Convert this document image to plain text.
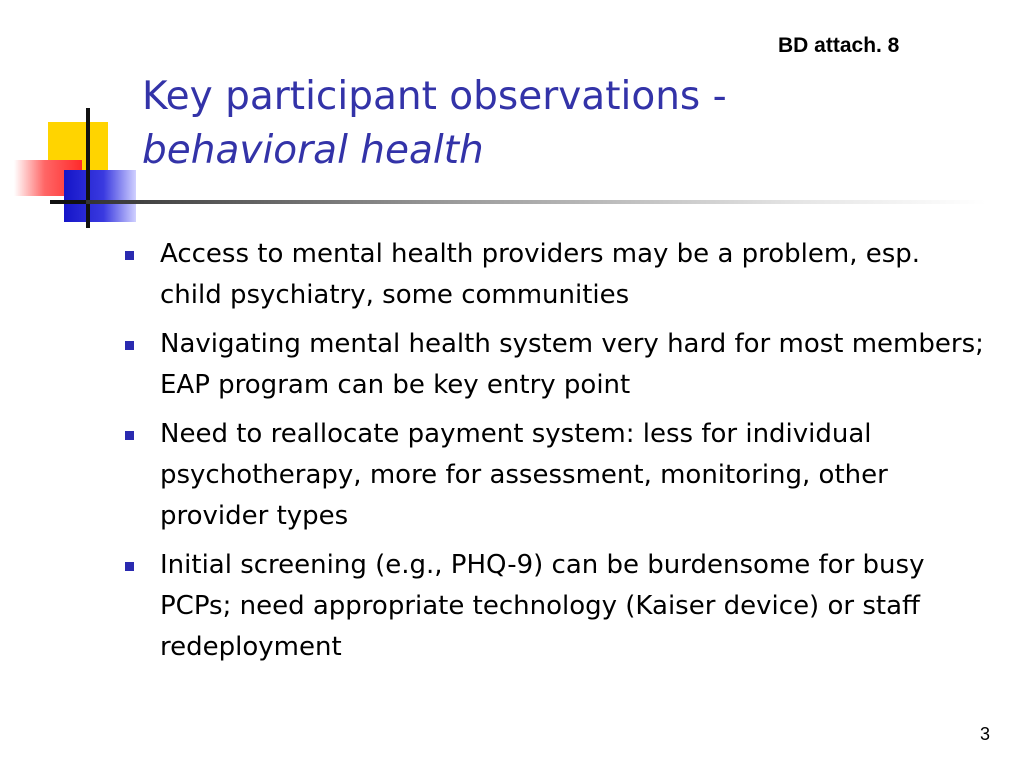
BD attach. 8
Key participant observations -
behavioral health
Access to mental health providers may be a problem, esp. child psychiatry, some communities
Navigating mental health system very hard for most members; EAP program can be key entry point
Need to reallocate payment system: less for individual psychotherapy, more for assessment, monitoring, other provider types
Initial screening (e.g., PHQ-9) can be burdensome for busy PCPs; need appropriate technology (Kaiser device) or staff redeployment
3
